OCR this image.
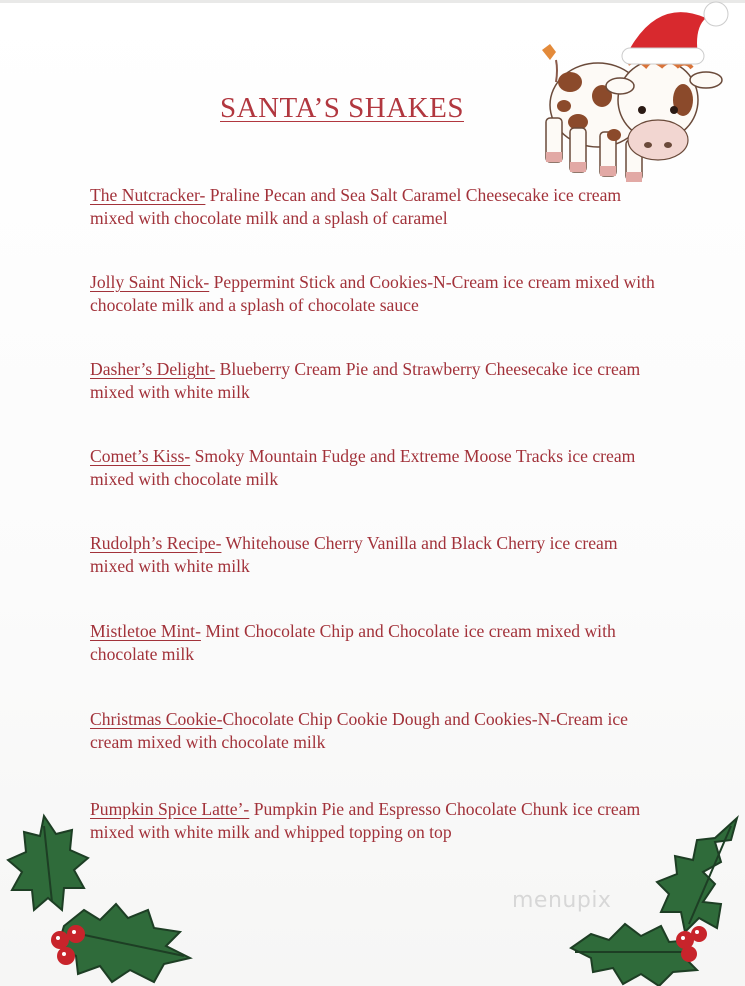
SANTA’S SHAKES
The Nutcracker- Praline Pecan and Sea Salt Caramel Cheesecake ice cream mixed with chocolate milk and a splash of caramel
Jolly Saint Nick- Peppermint Stick and Cookies-N-Cream ice cream mixed with chocolate milk and a splash of chocolate sauce
Dasher’s Delight- Blueberry Cream Pie and Strawberry Cheesecake ice cream mixed with white milk
Comet’s Kiss- Smoky Mountain Fudge and Extreme Moose Tracks ice cream mixed with chocolate milk
Rudolph’s Recipe- Whitehouse Cherry Vanilla and Black Cherry ice cream mixed with white milk
Mistletoe Mint- Mint Chocolate Chip and Chocolate ice cream mixed with chocolate milk
Christmas Cookie-Chocolate Chip Cookie Dough and Cookies-N-Cream ice cream mixed with chocolate milk
Pumpkin Spice Latte’- Pumpkin Pie and Espresso Chocolate Chunk ice cream mixed with white milk and whipped topping on top
menupix
